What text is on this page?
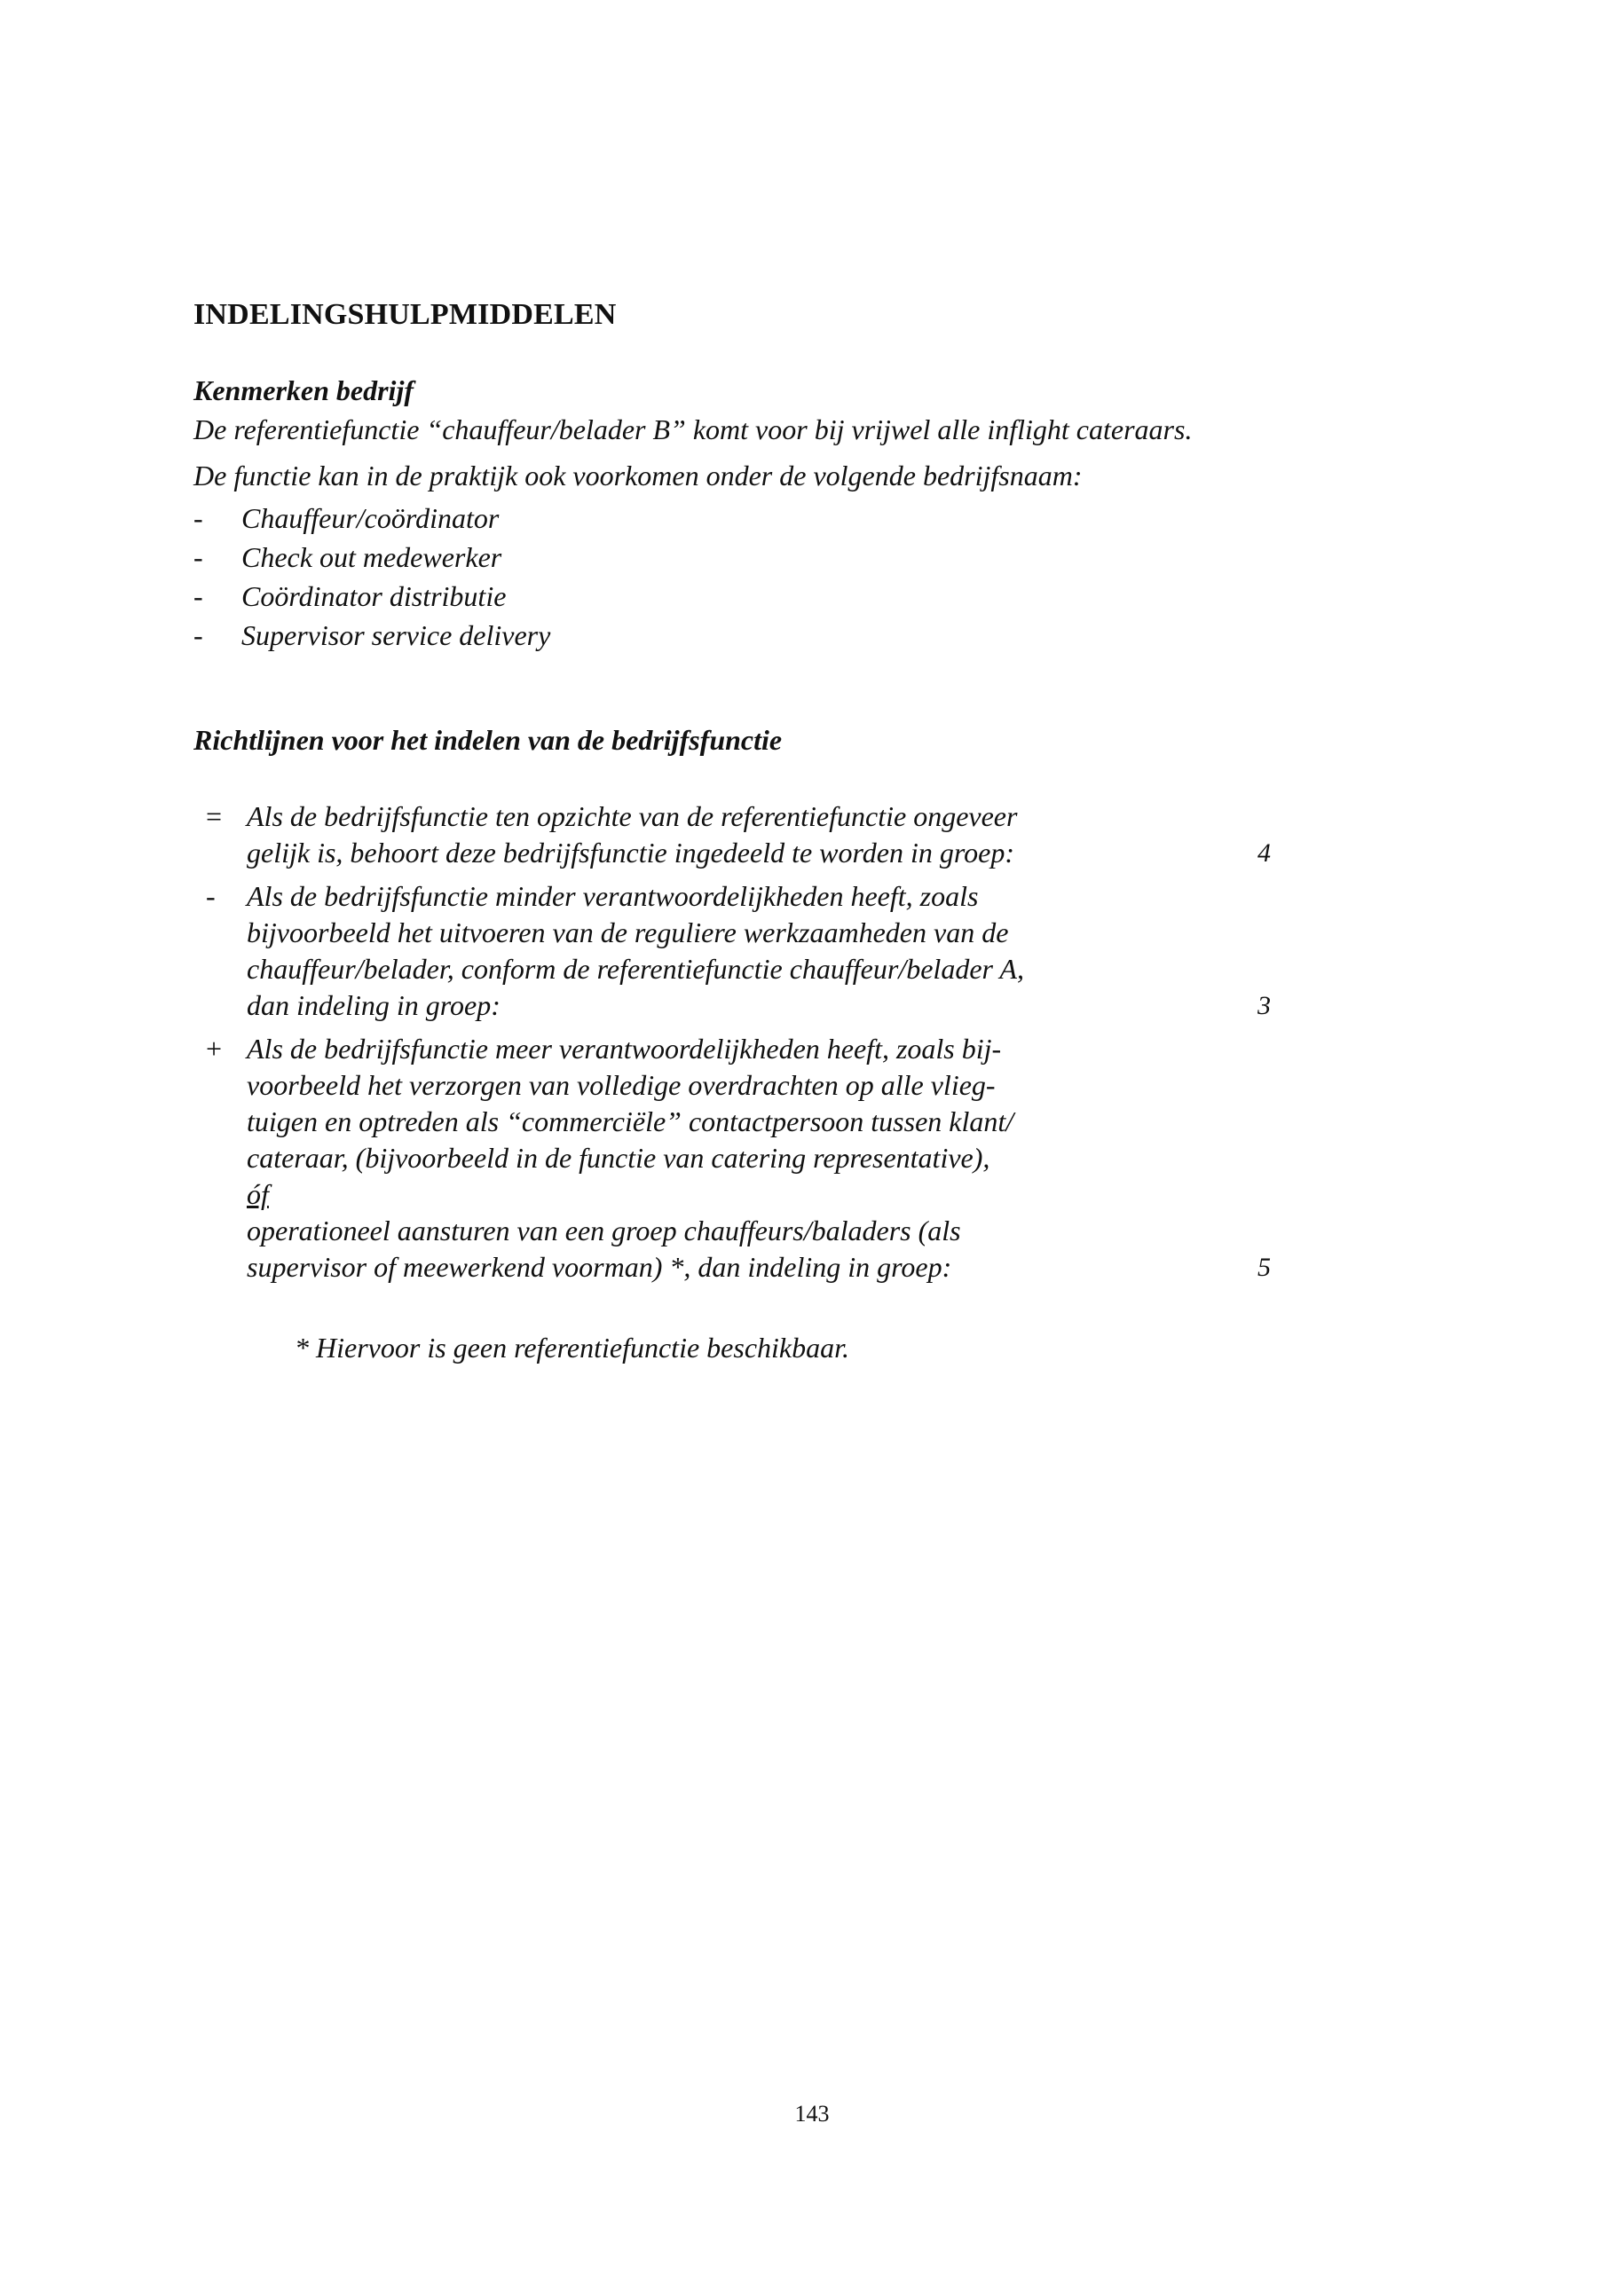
INDELINGSHULPMIDDELEN
Kenmerken bedrijf
De referentiefunctie “chauffeur/belader B” komt voor bij vrijwel alle inflight cateraars.
De functie kan in de praktijk ook voorkomen onder de volgende bedrijfsnaam:
- Chauffeur/coördinator
- Check out medewerker
- Coördinator distributie
- Supervisor service delivery
Richtlijnen voor het indelen van de bedrijfsfunctie
= Als de bedrijfsfunctie ten opzichte van de referentiefunctie ongeveer
gelijk is, behoort deze bedrijfsfunctie ingedeeld te worden in groep:	4
-	Als de bedrijfsfunctie minder verantwoordelijkheden heeft, zoals
bijvoorbeeld het uitvoeren van de reguliere werkzaamheden van de
chauffeur/belader, conform de referentiefunctie chauffeur/belader A,
dan indeling in groep:	3
+ Als de bedrijfsfunctie meer verantwoordelijkheden heeft, zoals bij-
voorbeeld het verzorgen van volledige overdrachten op alle vlieg-
tuigen en optreden als “commerciële” contactpersoon tussen klant/
cateraar, (bijvoorbeeld in de functie van catering representative),
óf
operationeel aansturen van een groep chauffeurs/baladers (als
supervisor of meewerkend voorman) *, dan indeling in groep:	5
* Hiervoor is geen referentiefunctie beschikbaar.
143
